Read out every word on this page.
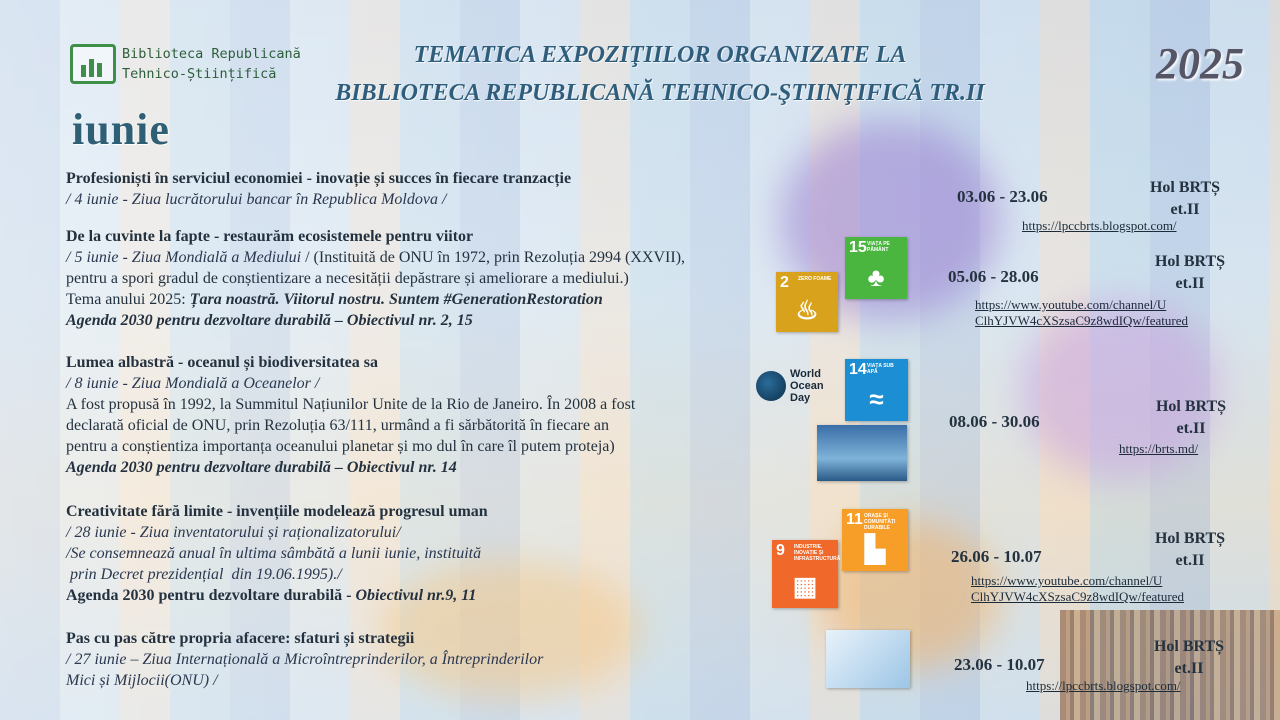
Biblioteca Republicană
Tehnico-Științifică
TEMATICA EXPOZIŢIILOR ORGANIZATE LA
BIBLIOTECA REPUBLICANĂ TEHNICO-ŞTIINŢIFICĂ TR.II
2025
iunie
Profesioniști în serviciul economiei - inovație și succes în fiecare tranzacție
/ 4 iunie - Ziua lucrătorului bancar în Republica Moldova /
De la cuvinte la fapte - restaurăm ecosistemele pentru viitor
/ 5 iunie - Ziua Mondială a Mediului / (Instituită de ONU în 1972, prin Rezoluția 2994 (XXVII),
pentru a spori gradul de conștientizare a necesității depăstrare și ameliorare a mediului.)
Tema anului 2025: Țara noastră. Viitorul nostru. Suntem #GenerationRestoration
Agenda 2030 pentru dezvoltare durabilă – Obiectivul nr. 2, 15
Lumea albastră - oceanul și biodiversitatea sa
/ 8 iunie - Ziua Mondială a Oceanelor /
A fost propusă în 1992, la Summitul Națiunilor Unite de la Rio de Janeiro. În 2008 a fost
declarată oficial de ONU, prin Rezoluția 63/111, urmând a fi sărbătorită în fiecare an
pentru a conștientiza importanța oceanului planetar și mo dul în care îl putem proteja)
Agenda 2030 pentru dezvoltare durabilă – Obiectivul nr. 14
Creativitate fără limite - invențiile modelează progresul uman
/ 28 iunie - Ziua inventatorului și raționalizatorului/
/Se consemnează anual în ultima sâmbătă a lunii iunie, instituită
prin Decret prezidențial  din 19.06.1995)./
Agenda 2030 pentru dezvoltare durabilă - Obiectivul nr.9, 11
Pas cu pas către propria afacere: sfaturi și strategii
/ 27 iunie – Ziua Internațională a Microîntreprinderilor, a Întreprinderilor
Mici și Mijlocii(ONU) /
2 ZERO FOAME
♨
15 VIAȚA PE PĂMÂNT
♣
World
Ocean
Day
14 VIAȚA SUB APĂ
≈
11 ORAȘE ȘI COMUNITĂȚI DURABILE
▙
9 INDUSTRIE, INOVAȚIE ȘI INFRASTRUCTURĂ
▦
03.06 - 23.06	Hol BRTȘ
et.II
https://lpccbrts.blogspot.com/
05.06 - 28.06
Hol BRTȘ
et.II
https://www.youtube.com/channel/U
ClhYJVW4cXSzsaC9z8wdIQw/featured
08.06 - 30.06
Hol BRTȘ
et.II
https://brts.md/
26.06 - 10.07
Hol BRTȘ
et.II
https://www.youtube.com/channel/U
ClhYJVW4cXSzsaC9z8wdIQw/featured
23.06 - 10.07
Hol BRTȘ
et.II
https://lpccbrts.blogspot.com/
